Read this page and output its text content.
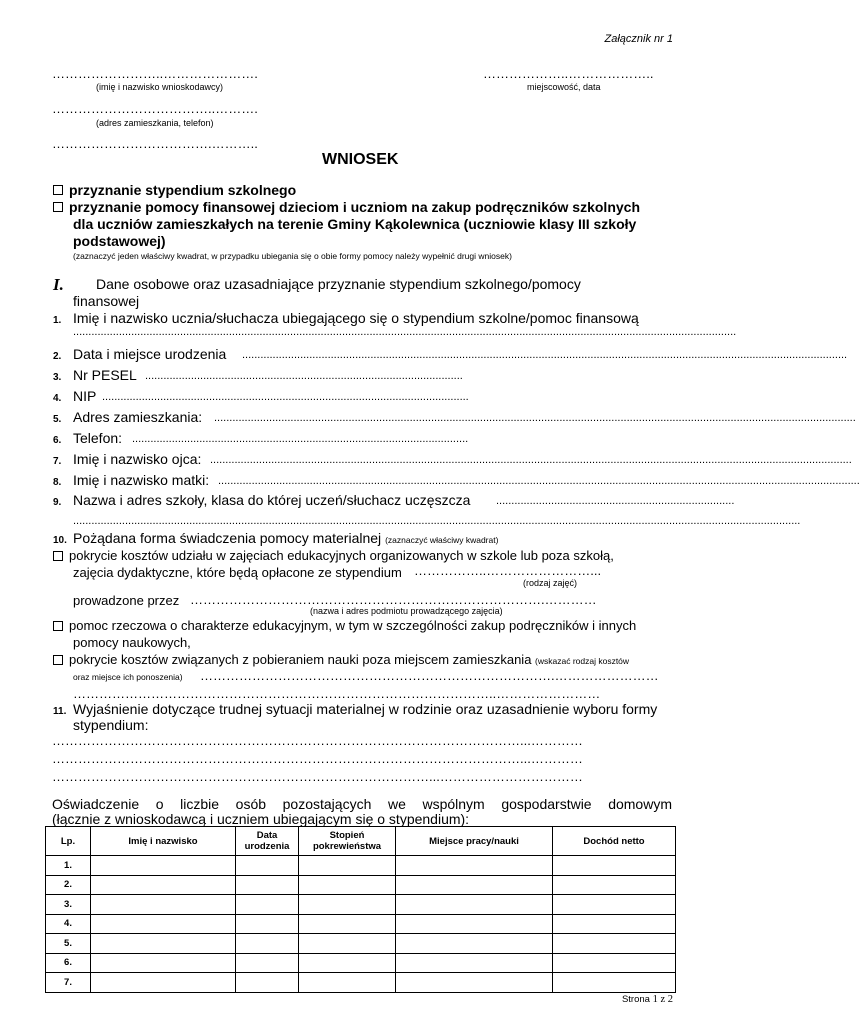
Załącznik nr 1
……………………..………………….
(imię i nazwisko wnioskodawcy)
………………..………………..
miejscowość, data
………………………………..……….
(adres zamieszkania, telefon)
……………………………….………..
WNIOSEK
przyznanie stypendium szkolnego
przyznanie pomocy finansowej dzieciom i uczniom na zakup podręczników szkolnych
dla uczniów zamieszkałych na terenie Gminy Kąkolewnica (uczniowie klasy III szkoły
podstawowej)
(zaznaczyć jeden właściwy kwadrat, w przypadku ubiegania się o obie formy pomocy należy wypełnić drugi wniosek)
I. Dane osobowe oraz uzasadniające przyznanie stypendium szkolnego/pomocy
finansowej
1. Imię i nazwisko ucznia/słuchacza ubiegającego się o stypendium szkolne/pomoc finansową
.........................................................................................................................................................................................................................
2. Data i miejsce urodzenia ......................................................................................................................................................................................................
3. Nr PESEL ........................................................................................................
4. NIP ........................................................................................................................
5. Adres zamieszkania: ..................................................................................................................................................................................................................
6. Telefon: ..............................................................................................................
7. Imię i nazwisko ojca: ..................................................................................................................................................................................................................
8. Imię i nazwisko matki: ..................................................................................................................................................................................................................
9. Nazwa i adres szkoły, klasa do której uczeń/słuchacz uczęszcza ..............................................................................
..............................................................................................................................................................................................................................................
10. Pożądana forma świadczenia pomocy materialnej (zaznaczyć właściwy kwadrat)
pokrycie kosztów udziału w zajęciach edukacyjnych organizowanych w szkole lub poza szkołą,
zajęcia dydaktyczne, które będą opłacone ze stypendium ……………..……………………...
(rodzaj zajęć)
prowadzone przez ……………………………………………………………………….…………
(nazwa i adres podmiotu prowadzącego zajęcia)
pomoc rzeczowa o charakterze edukacyjnym, w tym w szczególności zakup podręczników i innych
pomocy naukowych,
pokrycie kosztów związanych z pobieraniem nauki poza miejscem zamieszkania (wskazać rodzaj kosztów
oraz miejsce ich ponoszenia) ……………………………………………………………………….……………………
……………………………………………………………………………………..……………………
11. Wyjaśnienie dotyczące trudnej sytuacji materialnej w rodzinie oraz uzasadnienie wyboru formy
stypendium:
………………………………………………………………………………………………...…………
………………………………………………………………………………………………...…………
……………………………………………………………………………...……………………………
Oświadczenie o liczbie osób pozostających we wspólnym gospodarstwie domowym
(łącznie z wnioskodawcą i uczniem ubiegającym się o stypendium):
Lp.	Imię i nazwisko	Data urodzenia	Stopień pokrewieństwa	Miejsce pracy/nauki	Dochód netto
1.					
2.					
3.					
4.					
5.					
6.					
7.					
Strona 1 z 2
